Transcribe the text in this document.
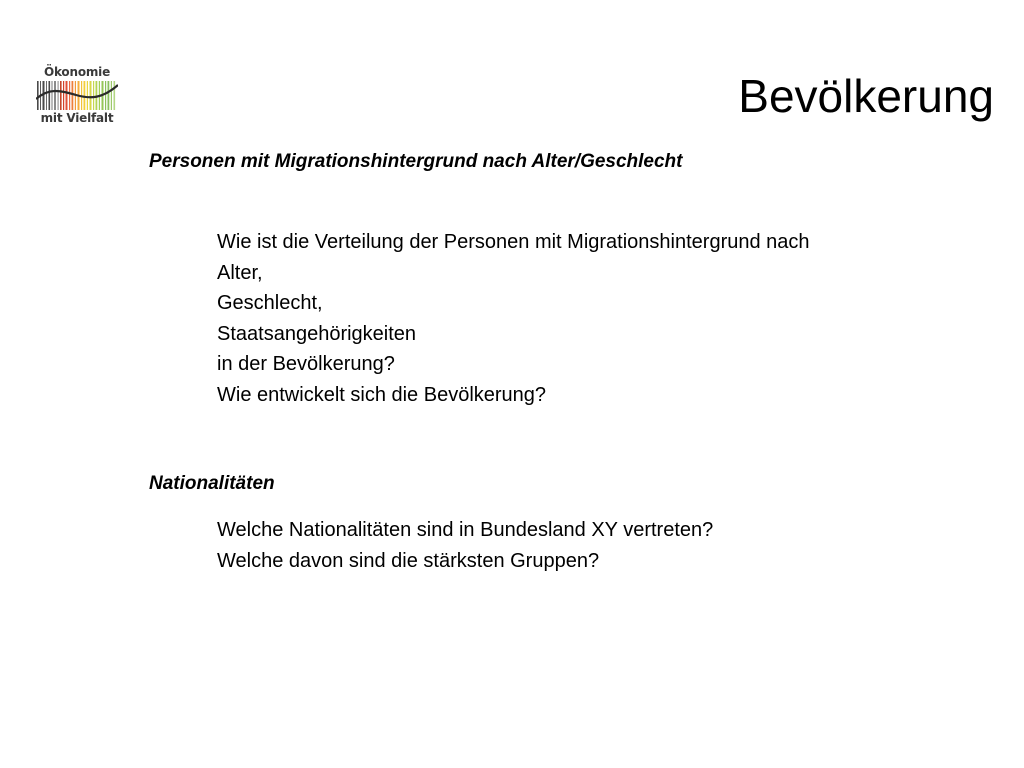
Ökonomie
mit Vielfalt	Bevölkerung
Personen mit Migrationshintergrund nach Alter/Geschlecht
Wie ist die Verteilung der Personen mit Migrationshintergrund nach
Alter,
Geschlecht,
Staatsangehörigkeiten
in der Bevölkerung?
Wie entwickelt sich die Bevölkerung?
Nationalitäten
Welche Nationalitäten sind in Bundesland XY vertreten?
Welche davon sind die stärksten Gruppen?
